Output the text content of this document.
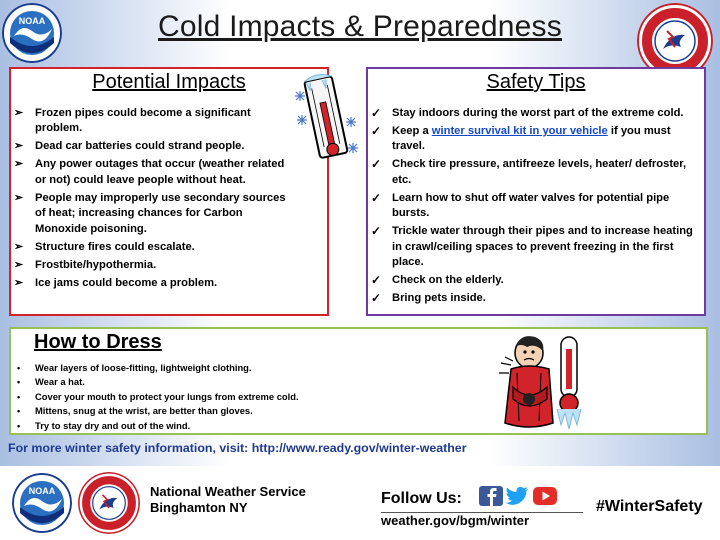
NOAA	Cold Impacts & Preparedness
Potential Impacts
➢ Frozen pipes could become a significant problem.
➢ Dead car batteries could strand people.
➢ Any power outages that occur (weather related or not) could leave people without heat.
➢ People may improperly use secondary sources of heat; increasing chances for Carbon Monoxide poisoning.
➢ Structure fires could escalate.
➢ Frostbite/hypothermia.
➢ Ice jams could become a problem.
Safety Tips
✓ Stay indoors during the worst part of the extreme cold.
✓ Keep a winter survival kit in your vehicle if you must travel.
✓ Check tire pressure, antifreeze levels, heater/ defroster, etc.
✓ Learn how to shut off water valves for potential pipe bursts.
✓ Trickle water through their pipes and to increase heating in crawl/ceiling spaces to prevent freezing in the first place.
✓ Check on the elderly.
✓ Bring pets inside.
How to Dress
• Wear layers of loose-fitting, lightweight clothing.
• Wear a hat.
• Cover your mouth to protect your lungs from extreme cold.
• Mittens, snug at the wrist, are better than gloves.
• Try to stay dry and out of the wind.
For more winter safety information, visit: http://www.ready.gov/winter-weather
NOAA	National Weather Service
Binghamton NY
Follow Us:
weather.gov/bgm/winter
#WinterSafety
